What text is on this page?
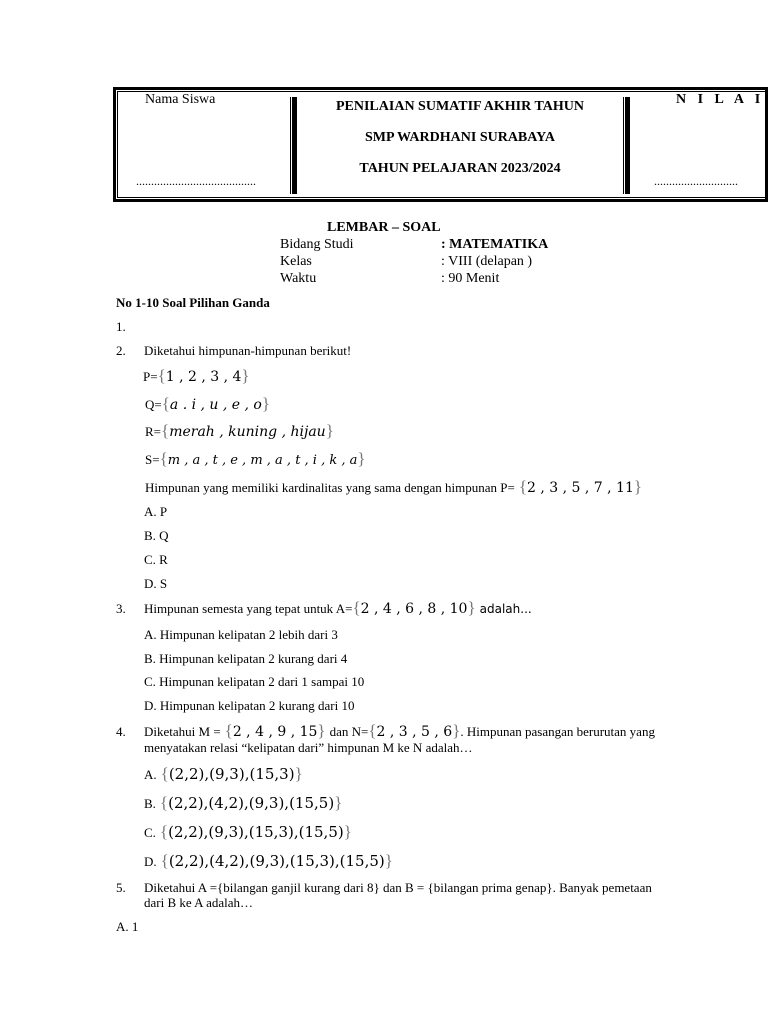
Nama Siswa
........................................
PENILAIAN SUMATIF AKHIR TAHUN
SMP WARDHANI SURABAYA
TAHUN PELAJARAN 2023/2024
N I L A I
............................
LEMBAR – SOAL
Bidang Studi	: MATEMATIKA
Kelas	: VIII (delapan )
Waktu	: 90 Menit
No 1-10 Soal Pilihan Ganda
1.
2. Diketahui himpunan-himpunan berikut!
P={1 , 2 , 3 , 4}
Q={a . i , u , e , o}
R={merah , kuning , hijau}
S={m , a , t , e , m , a , t , i , k , a}
Himpunan yang memiliki kardinalitas yang sama dengan himpunan P= {2 , 3 , 5 , 7 , 11}
A. P
B. Q
C. R
D. S
3. Himpunan semesta yang tepat untuk A={2 , 4 , 6 , 8 , 10} adalah...
A. Himpunan kelipatan 2 lebih dari 3
B. Himpunan kelipatan 2 kurang dari 4
C. Himpunan kelipatan 2 dari 1 sampai 10
D. Himpunan kelipatan 2 kurang dari 10
4. Diketahui M = {2 , 4 , 9 , 15} dan N={2 , 3 , 5 , 6}. Himpunan pasangan berurutan yang
menyatakan relasi “kelipatan dari” himpunan M ke N adalah…
A. {(2,2),(9,3),(15,3)}
B. {(2,2),(4,2),(9,3),(15,5)}
C. {(2,2),(9,3),(15,3),(15,5)}
D. {(2,2),(4,2),(9,3),(15,3),(15,5)}
5. Diketahui A ={bilangan ganjil kurang dari 8} dan B = {bilangan prima genap}. Banyak pemetaan
dari B ke A adalah…
A. 1
